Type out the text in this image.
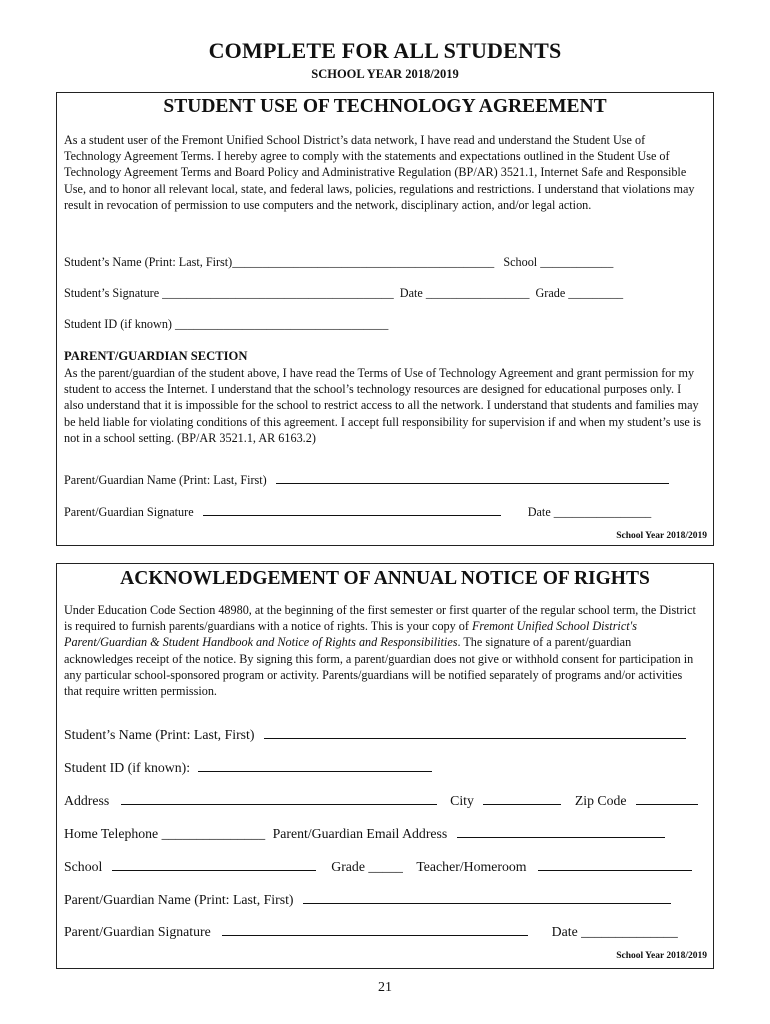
COMPLETE FOR ALL STUDENTS
SCHOOL YEAR 2018/2019
STUDENT USE OF TECHNOLOGY AGREEMENT
As a student user of the Fremont Unified School District’s data network, I have read and understand the Student Use of Technology Agreement Terms. I hereby agree to comply with the statements and expectations outlined in the Student Use of Technology Agreement Terms and Board Policy and Administrative Regulation (BP/AR) 3521.1, Internet Safe and Responsible Use, and to honor all relevant local, state, and federal laws, policies, regulations and restrictions. I understand that violations may result in revocation of permission to use computers and the network, disciplinary action, and/or legal action.
Student’s Name (Print: Last, First)___________________________________________ School ____________
Student’s Signature ______________________________________ Date _________________ Grade _________
Student ID (if known) ___________________________________
PARENT/GUARDIAN SECTION
As the parent/guardian of the student above, I have read the Terms of Use of Technology Agreement and grant permission for my student to access the Internet. I understand that the school’s technology resources are designed for educational purposes only. I also understand that it is impossible for the school to restrict access to all the network. I understand that students and families may be held liable for violating conditions of this agreement. I accept full responsibility for supervision if and when my student’s use is not in a school setting. (BP/AR 3521.1, AR 6163.2)
Parent/Guardian Name (Print: Last, First)
Parent/Guardian Signature	Date ________________
School Year 2018/2019
ACKNOWLEDGEMENT OF ANNUAL NOTICE OF RIGHTS
Under Education Code Section 48980, at the beginning of the first semester or first quarter of the regular school term, the District is required to furnish parents/guardians with a notice of rights. This is your copy of Fremont Unified School District's Parent/Guardian & Student Handbook and Notice of Rights and Responsibilities. The signature of a parent/guardian acknowledges receipt of the notice. By signing this form, a parent/guardian does not give or withhold consent for participation in any particular school-sponsored program or activity. Parents/guardians will be notified separately of programs and/or activities that require written permission.
Student’s Name (Print: Last, First)
Student ID (if known):
Address	City	Zip Code
Home Telephone _______________ Parent/Guardian Email Address
School	Grade _____ Teacher/Homeroom
Parent/Guardian Name (Print: Last, First)
Parent/Guardian Signature	Date ______________
School Year 2018/2019
21
